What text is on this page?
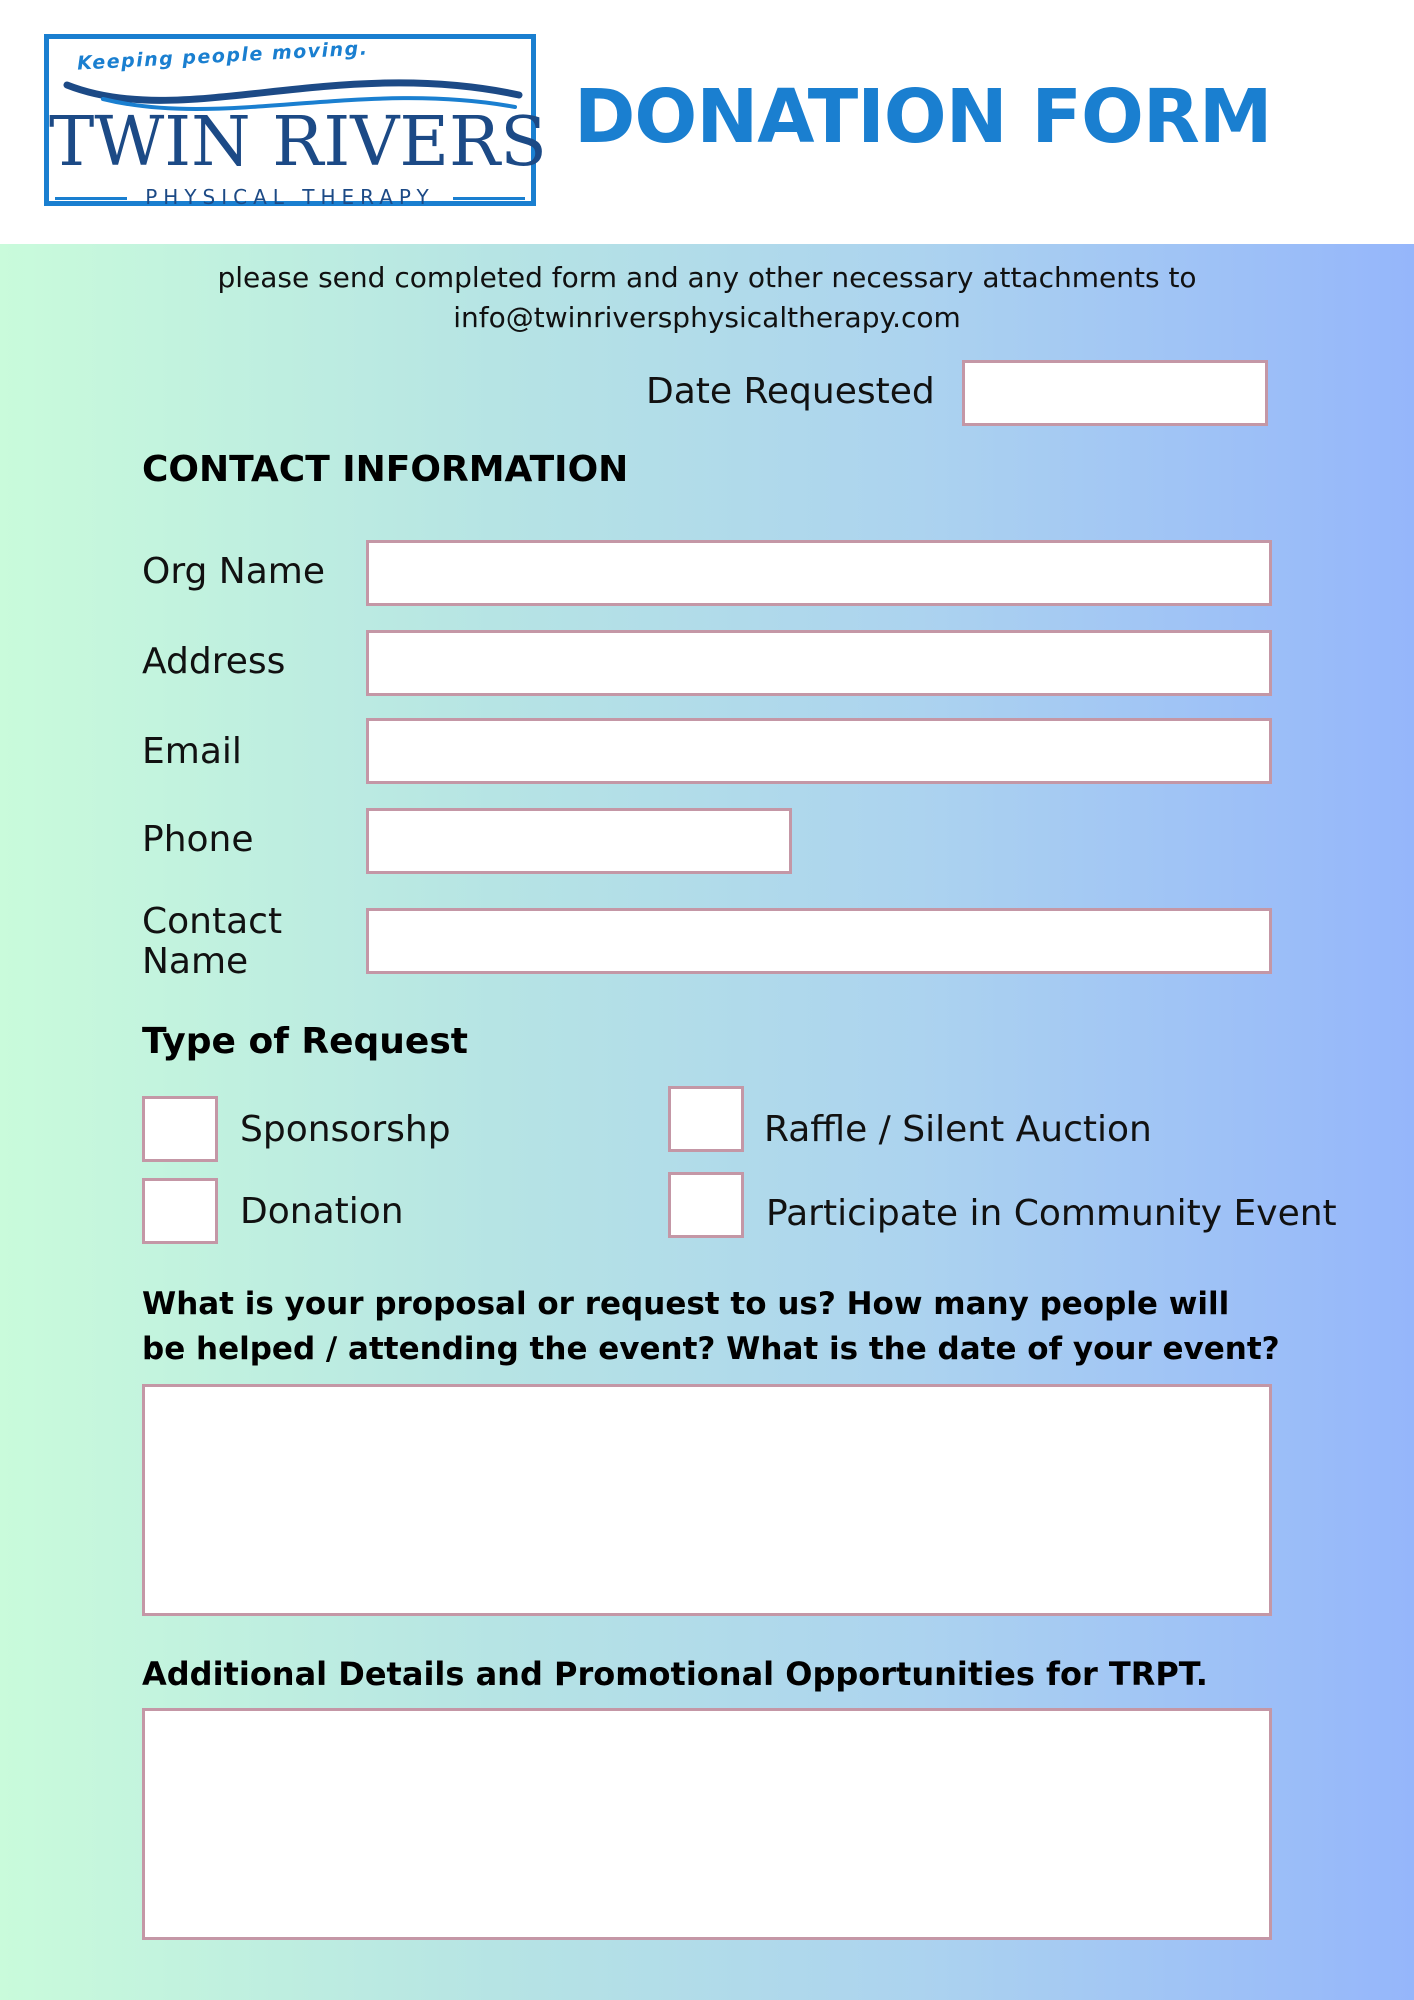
Keeping people moving.
TWIN RIVERS
PHYSICAL THERAPY
DONATION FORM
please send completed form and any other necessary attachments to
info@twinriversphysicaltherapy.com
Date Requested
CONTACT INFORMATION
Org Name
Address
Email
Phone
Contact
Name
Type of Request
Sponsorshp
Donation
Raffle / Silent Auction
Participate in Community Event
What is your proposal or request to us? How many people will
be helped / attending the event? What is the date of your event?
Additional Details and Promotional Opportunities for TRPT.
